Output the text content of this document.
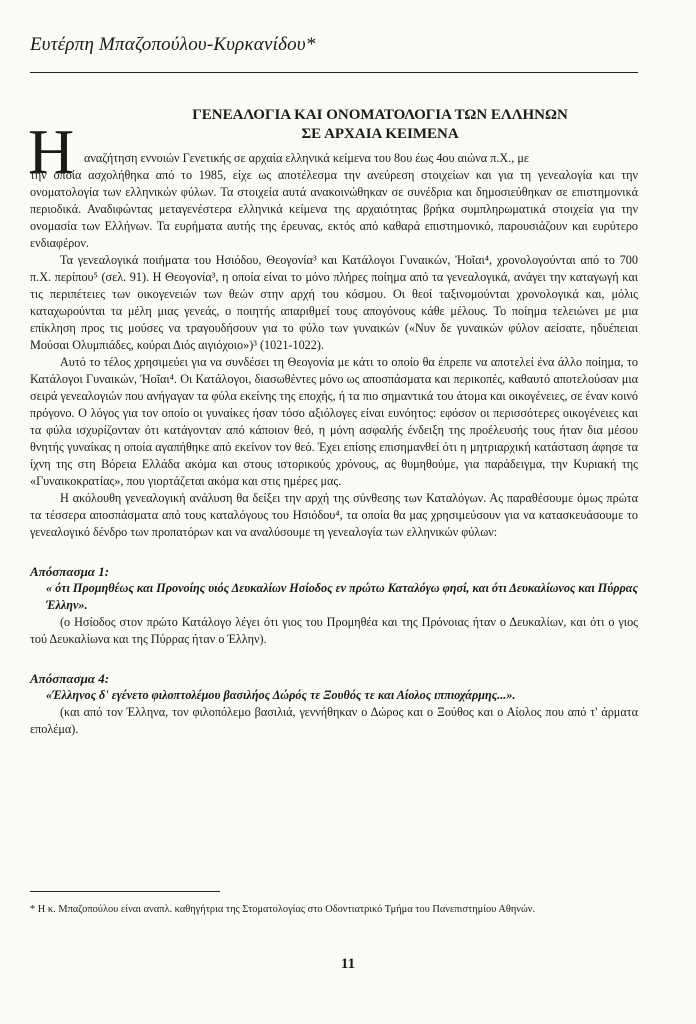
Ευτέρπη Μπαζοπούλου-Κυρκανίδου*
ΓΕΝΕΑΛΟΓΙΑ ΚΑΙ ΟΝΟΜΑΤΟΛΟΓΙΑ ΤΩΝ ΕΛΛΗΝΩΝ
ΣΕ ΑΡΧΑΙΑ ΚΕΙΜΕΝΑ
Η αναζήτηση εννοιών Γενετικής σε αρχαία ελληνικά κείμενα του 8ου έως 4ου αιώνα π.Χ., με

την οποία ασχολήθηκα από το 1985, είχε ως αποτέλεσμα την ανεύρεση στοιχείων και για τη γενεαλογία και την ονοματολογία των ελληνικών φύλων. Τα στοιχεία αυτά ανακοινώθηκαν σε συνέδρια και δημοσιεύθηκαν σε επιστημονικά περιοδικά. Αναδιφώντας μεταγενέστερα ελληνικά κείμενα της αρχαιότητας βρήκα συμπληρωματικά στοιχεία για την ονομασία των Ελλήνων. Τα ευρήματα αυτής της έρευνας, εκτός από καθαρά επιστημονικό, παρουσιάζουν και ευρύτερο ενδιαφέρον.

Τα γενεαλογικά ποιήματα του Ησιόδου, Θεογονία³ και Κατάλογοι Γυναικών, Ἠοῖαι⁴, χρονολογούνται από το 700 π.Χ. περίπου⁵ (σελ. 91). Η Θεογονία³, η οποία είναι το μόνο πλήρες ποίημα από τα γενεαλογικά, ανάγει την καταγωγή και τις περιπέτειες των οικογενειών των θεών στην αρχή του κόσμου. Οι θεοί ταξινομούνται χρονολογικά και, μόλις καταχωρούνται τα μέλη μιας γενεάς, ο ποιητής απαριθμεί τους απογόνους κάθε μέλους. Το ποίημα τελειώνει με μια επίκληση προς τις μούσες να τραγουδήσουν για το φύλο των γυναικών («Νυν δε γυναικών φύλον αείσατε, ηδυέπειαι Μούσαι Ολυμπιάδες, κούραι Διός αιγιόχοιο»)³ (1021-1022).

Αυτό το τέλος χρησιμεύει για να συνδέσει τη Θεογονία με κάτι το οποίο θα έπρεπε να αποτελεί ένα άλλο ποίημα, το Κατάλογοι Γυναικών, Ἠοῖαι⁴. Οι Κατάλογοι, διασωθέντες μόνο ως αποσπάσματα και περικοπές, καθαυτό αποτελούσαν μια σειρά γενεαλογιών που ανήγαγαν τα φύλα εκείνης της εποχής, ή τα πιο σημαντικά του άτομα και οικογένειες, σε έναν κοινό πρόγονο. Ο λόγος για τον οποίο οι γυναίκες ήσαν τόσο αξιόλογες είναι ευνόητος: εφόσον οι περισσότερες οικογένειες και τα φύλα ισχυρίζονταν ότι κατάγονταν από κάποιον θεό, η μόνη ασφαλής ένδειξη της προέλευσής τους ήταν δια μέσου θνητής γυναίκας η οποία αγαπήθηκε από εκείνον τον θεό. Έχει επίσης επισημανθεί ότι η μητριαρχική κατάσταση άφησε τα ίχνη της στη Βόρεια Ελλάδα ακόμα και στους ιστορικούς χρόνους, ας θυμηθούμε, για παράδειγμα, την Κυριακή της «Γυναικοκρατίας», που γιορτάζεται ακόμα και στις ημέρες μας.

Η ακόλουθη γενεαλογική ανάλυση θα δείξει την αρχή της σύνθεσης των Καταλόγων. Ας παραθέσουμε όμως πρώτα τα τέσσερα αποσπάσματα από τους καταλόγους του Ησιόδου⁴, τα οποία θα μας χρησιμεύσουν για να κατασκευάσουμε το γενεαλογικό δένδρο των προπατόρων και να αναλύσουμε τη γενεαλογία των ελληνικών φύλων:

Απόσπασμα 1:
« ότι Προμηθέως και Προνοίης υιός Δευκαλίων Ησίοδος εν πρώτω Καταλόγω φησί, και ότι Δευκαλίωνος και Πύρρας Έλλην».
(ο Ησίοδος στον πρώτο Κατάλογο λέγει ότι γιος του Προμηθέα και της Πρόνοιας ήταν ο Δευκαλίων, και ότι ο γιος τού Δευκαλίωνα και της Πύρρας ήταν ο Έλλην).
Απόσπασμα 4:
«Έλληνος δ' εγένετο φιλοπτολέμου βασιλήος Δώρός τε Ξουθός τε και Αίολος ιππιοχάρμης...».
(και από τον Έλληνα, τον φιλοπόλεμο βασιλιά, γεννήθηκαν ο Δώρος και ο Ξούθος και ο Αίολος που από τ' άρματα επολέμα).
* Η κ. Μπαζοπούλου είναι αναπλ. καθηγήτρια της Στοματολογίας στο Οδοντιατρικό Τμήμα του Πανεπιστημίου Αθηνών.
11
